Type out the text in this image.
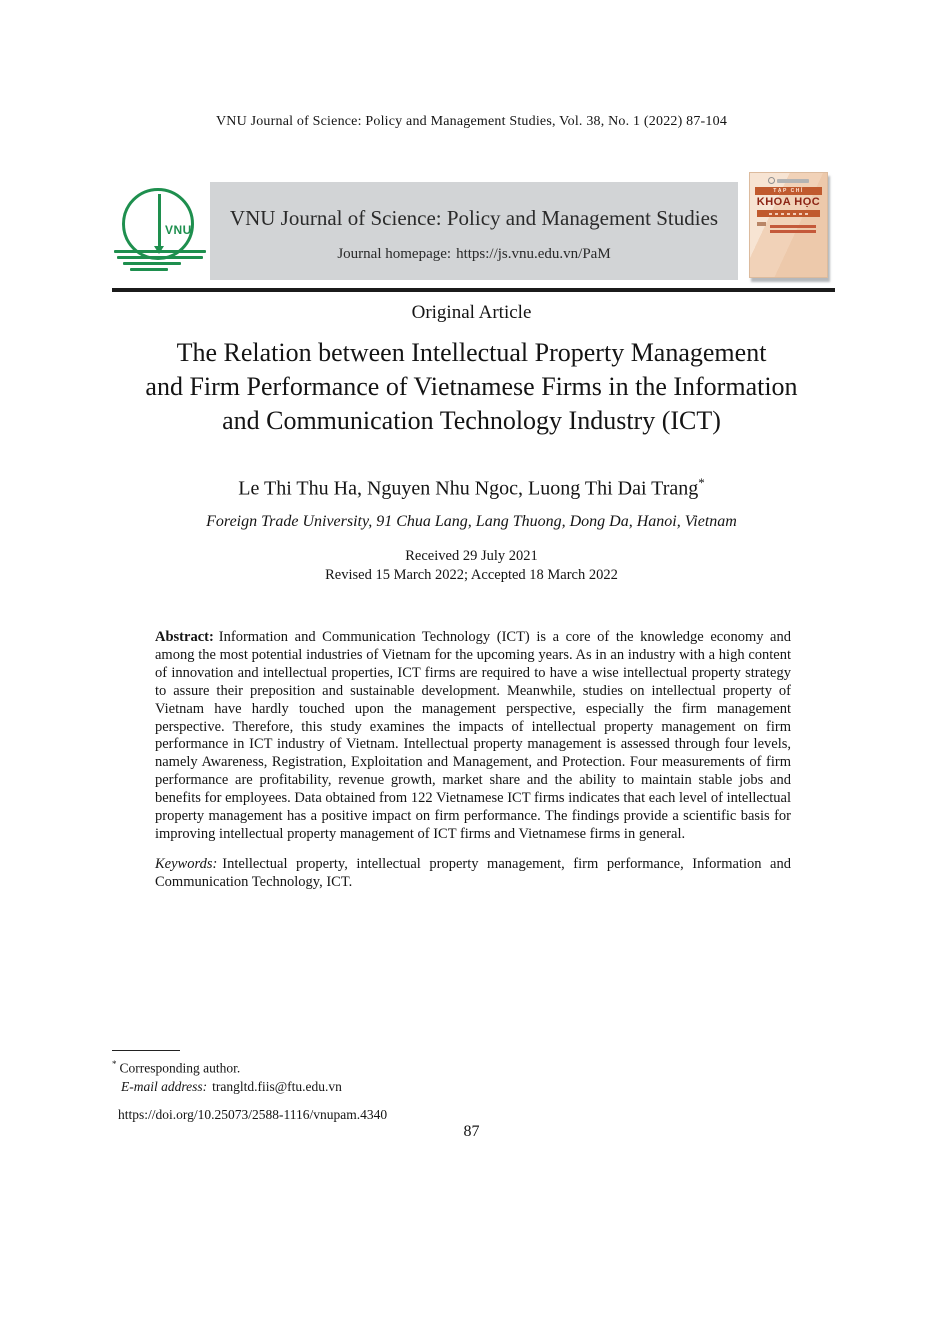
VNU Journal of Science: Policy and Management Studies, Vol. 38, No. 1 (2022) 87-104
VNU	VNU Journal of Science: Policy and Management Studies
Journal homepage: https://js.vnu.edu.vn/PaM
TẠP CHÍ
KHOA HỌC
Original Article
The Relation between Intellectual Property Management
and Firm Performance of Vietnamese Firms in the Information
and Communication Technology Industry (ICT)
Le Thi Thu Ha, Nguyen Nhu Ngoc, Luong Thi Dai Trang*
Foreign Trade University, 91 Chua Lang, Lang Thuong, Dong Da, Hanoi, Vietnam
Received 29 July 2021
Revised 15 March 2022; Accepted 18 March 2022

Abstract: Information and Communication Technology (ICT) is a core of the knowledge economy and among the most potential industries of Vietnam for the upcoming years. As in an industry with a high content of innovation and intellectual properties, ICT firms are required to have a wise intellectual property strategy to assure their preposition and sustainable development. Meanwhile, studies on intellectual property of Vietnam have hardly touched upon the management perspective, especially the firm management perspective. Therefore, this study examines the impacts of intellectual property management on firm performance in ICT industry of Vietnam. Intellectual property management is assessed through four levels, namely Awareness, Registration, Exploitation and Management, and Protection. Four measurements of firm performance are profitability, revenue growth, market share and the ability to maintain stable jobs and benefits for employees. Data obtained from 122 Vietnamese ICT firms indicates that each level of intellectual property management has a positive impact on firm performance. The findings provide a scientific basis for improving intellectual property management of ICT firms and Vietnamese firms in general.

Keywords: Intellectual property, intellectual property management, firm performance, Information and Communication Technology, ICT.

* Corresponding author.
E-mail address: trangltd.fiis@ftu.edu.vn
https://doi.org/10.25073/2588-1116/vnupam.4340
87
